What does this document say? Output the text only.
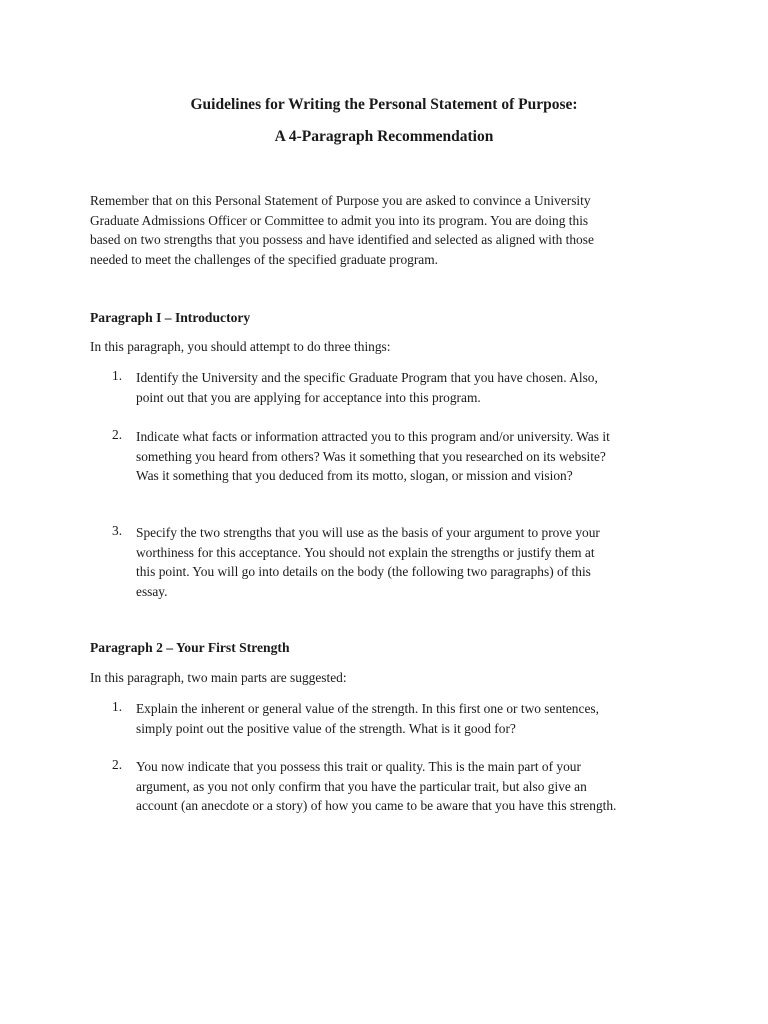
Guidelines for Writing the Personal Statement of Purpose:
A 4-Paragraph Recommendation
Remember that on this Personal Statement of Purpose you are asked to convince a University
Graduate Admissions Officer or Committee to admit you into its program. You are doing this
based on two strengths that you possess and have identified and selected as aligned with those
needed to meet the challenges of the specified graduate program.
Paragraph I – Introductory
In this paragraph, you should attempt to do three things:
1. Identify the University and the specific Graduate Program that you have chosen. Also,
point out that you are applying for acceptance into this program.
2. Indicate what facts or information attracted you to this program and/or university. Was it
something you heard from others? Was it something that you researched on its website?
Was it something that you deduced from its motto, slogan, or mission and vision?
3. Specify the two strengths that you will use as the basis of your argument to prove your
worthiness for this acceptance. You should not explain the strengths or justify them at
this point. You will go into details on the body (the following two paragraphs) of this
essay.
Paragraph 2 – Your First Strength
In this paragraph, two main parts are suggested:
1. Explain the inherent or general value of the strength. In this first one or two sentences,
simply point out the positive value of the strength. What is it good for?
2. You now indicate that you possess this trait or quality. This is the main part of your
argument, as you not only confirm that you have the particular trait, but also give an
account (an anecdote or a story) of how you came to be aware that you have this strength.
